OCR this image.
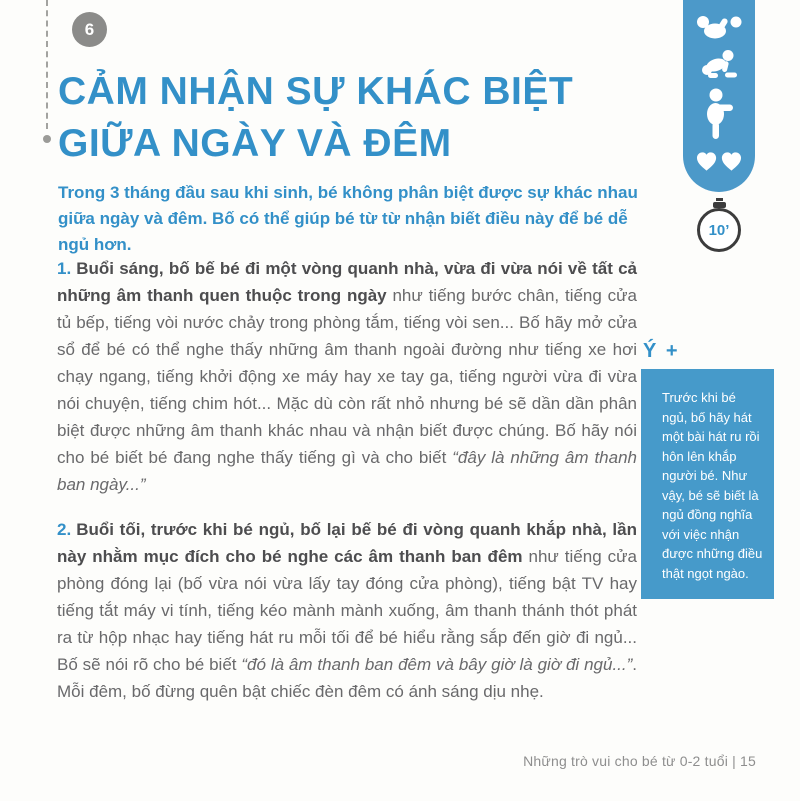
6
CẢM NHẬN SỰ KHÁC BIỆT
GIỮA NGÀY VÀ ĐÊM

Trong 3 tháng đầu sau khi sinh, bé không phân biệt được sự khác nhau giữa ngày và đêm. Bố có thể giúp bé từ từ nhận biết điều này để bé dễ ngủ hơn.

1. Buổi sáng, bố bế bé đi một vòng quanh nhà, vừa đi vừa nói về tất cả những âm thanh quen thuộc trong ngày như tiếng bước chân, tiếng cửa tủ bếp, tiếng vòi nước chảy trong phòng tắm, tiếng vòi sen... Bố hãy mở cửa sổ để bé có thể nghe thấy những âm thanh ngoài đường như tiếng xe hơi chạy ngang, tiếng khởi động xe máy hay xe tay ga, tiếng người vừa đi vừa nói chuyện, tiếng chim hót... Mặc dù còn rất nhỏ nhưng bé sẽ dần dần phân biệt được những âm thanh khác nhau và nhận biết được chúng. Bố hãy nói cho bé biết bé đang nghe thấy tiếng gì và cho biết “đây là những âm thanh ban ngày...”

2. Buổi tối, trước khi bé ngủ, bố lại bế bé đi vòng quanh khắp nhà, lần này nhằm mục đích cho bé nghe các âm thanh ban đêm như tiếng cửa phòng đóng lại (bố vừa nói vừa lấy tay đóng cửa phòng), tiếng bật TV hay tiếng tắt máy vi tính, tiếng kéo mành mành xuống, âm thanh thánh thót phát ra từ hộp nhạc hay tiếng hát ru mỗi tối để bé hiểu rằng sắp đến giờ đi ngủ... Bố sẽ nói rõ cho bé biết “đó là âm thanh ban đêm và bây giờ là giờ đi ngủ...”. Mỗi đêm, bố đừng quên bật chiếc đèn đêm có ánh sáng dịu nhẹ.

10’
Ý +
Trước khi bé ngủ, bố hãy hát một bài hát ru rồi hôn lên khắp người bé. Như vậy, bé sẽ biết là ngủ đồng nghĩa với việc nhận được những điều thật ngọt ngào.
Những trò vui cho bé từ 0-2 tuổi | 15
